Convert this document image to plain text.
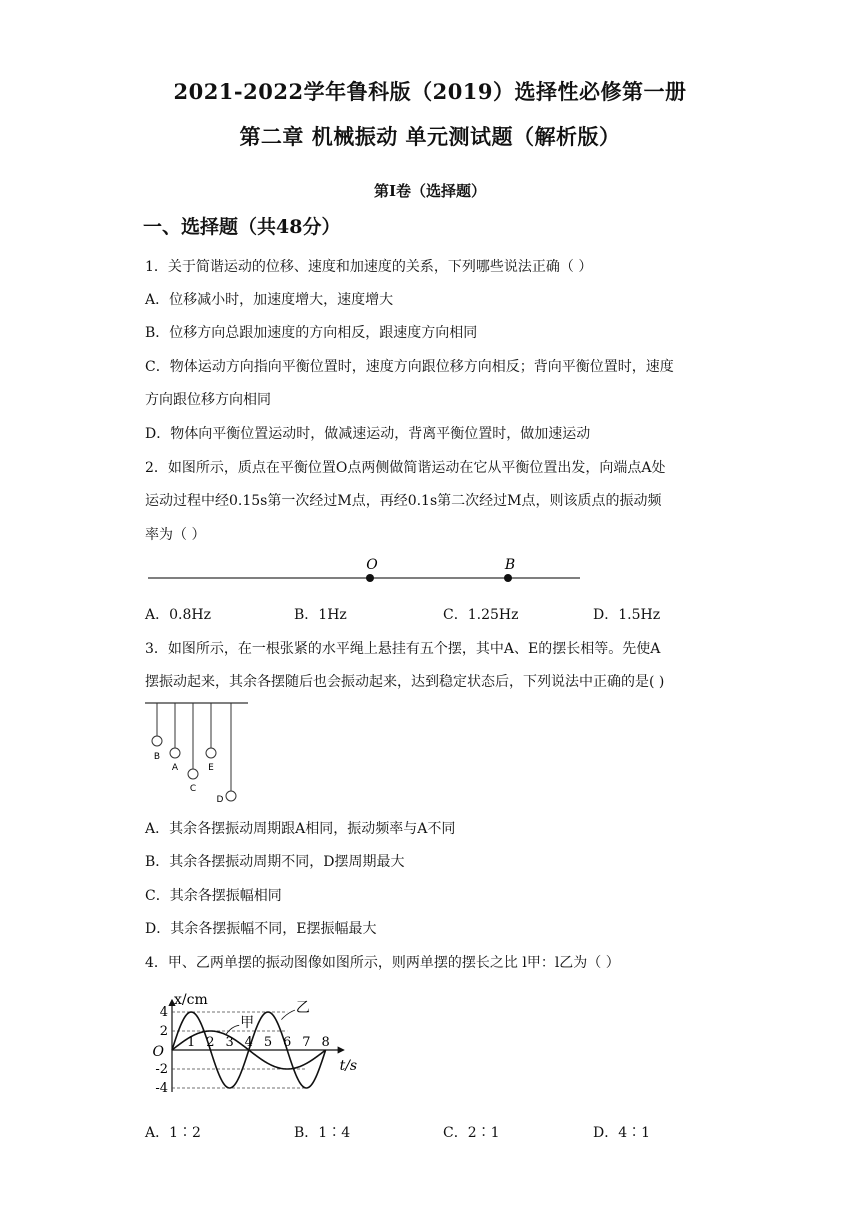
2021-2022学年鲁科版（2019）选择性必修第一册
第二章 机械振动 单元测试题（解析版）
第Ⅰ卷（选择题）
一、选择题（共48分）
1．关于简谐运动的位移、速度和加速度的关系，下列哪些说法正确（ ）
A．位移减小时，加速度增大，速度增大
B．位移方向总跟加速度的方向相反，跟速度方向相同
C．物体运动方向指向平衡位置时，速度方向跟位移方向相反；背向平衡位置时，速度
方向跟位移方向相同
D．物体向平衡位置运动时，做减速运动，背离平衡位置时，做加速运动
2．如图所示，质点在平衡位置O点两侧做简谐运动在它从平衡位置出发，向端点A处
运动过程中经0.15s第一次经过M点，再经0.1s第二次经过M点，则该质点的振动频
率为（ ）
O	B
A．0.8Hz	B．1Hz	C．1.25Hz	D．1.5Hz
3．如图所示，在一根张紧的水平绳上悬挂有五个摆，其中A、E的摆长相等。先使A
摆振动起来，其余各摆随后也会振动起来，达到稳定状态后，下列说法中正确的是( )
B
A
C
E
D
A．其余各摆振动周期跟A相同，振动频率与A不同
B．其余各摆振动周期不同，D摆周期最大
C．其余各摆振幅相同
D．其余各摆振幅不同，E摆振幅最大
4．甲、乙两单摆的振动图像如图所示，则两单摆的摆长之比 l甲：l乙为（ ）
4
2
-2
-4
1 2 3 4 5 6 7 8
O
x/cm
t/s
甲
乙
A．1∶2	B．1∶4	C．2∶1	D．4∶1
